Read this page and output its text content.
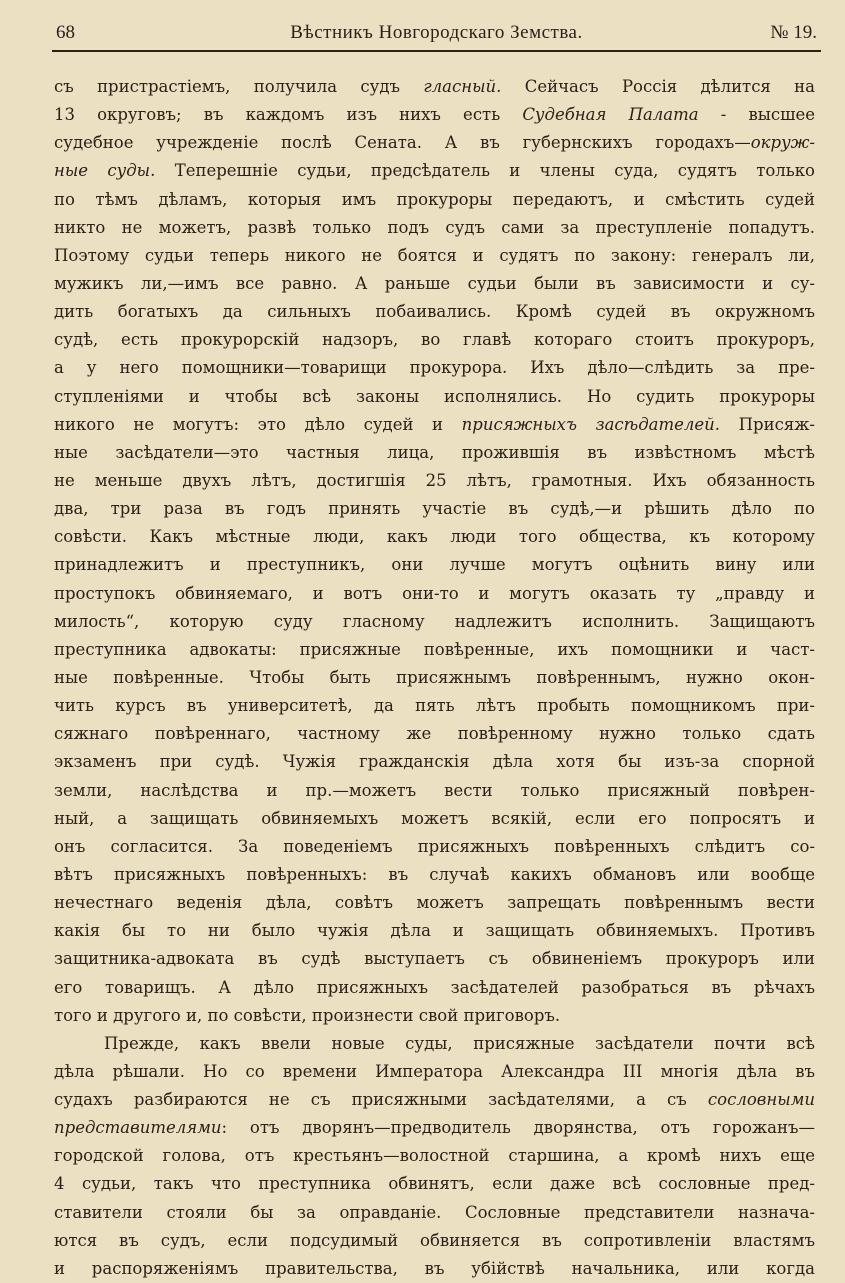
68	Вѣстникъ Новгородскаго Земства.	№ 19.
съ пристрастіемъ, получила судъ гласный. Сейчасъ Россія дѣлится на
13 округовъ; въ каждомъ изъ нихъ есть Судебная Палата - высшее
судебное учрежденіе послѣ Сената. А въ губернскихъ городахъ—окруж-
ные суды. Теперешніе судьи, предсѣдатель и члены суда, судятъ только
по тѣмъ дѣламъ, которыя имъ прокуроры передаютъ, и смѣстить судей
никто не можетъ, развѣ только подъ судъ сами за преступленіе попадутъ.
Поэтому судьи теперь никого не боятся и судятъ по закону: генералъ ли,
мужикъ ли,—имъ все равно. А раньше судьи были въ зависимости и су-
дить богатыхъ да сильныхъ побаивались. Кромѣ судей въ окружномъ
судѣ, есть прокурорскій надзоръ, во главѣ котораго стоитъ прокуроръ,
а у него помощники—товарищи прокурора. Ихъ дѣло—слѣдить за пре-
ступленіями и чтобы всѣ законы исполнялись. Но судить прокуроры
никого не могутъ: это дѣло судей и присяжныхъ засѣдателей. Присяж-
ные засѣдатели—это частныя лица, прожившія въ извѣстномъ мѣстѣ
не меньше двухъ лѣтъ, достигшія 25 лѣтъ, грамотныя. Ихъ обязанность
два, три раза въ годъ принять участіе въ судѣ,—и рѣшить дѣло по
совѣсти. Какъ мѣстные люди, какъ люди того общества, къ которому
принадлежитъ и преступникъ, они лучше могутъ оцѣнить вину или
проступокъ обвиняемаго, и вотъ они-то и могутъ оказать ту „правду и
милость“, которую суду гласному надлежитъ исполнить. Защищаютъ
преступника адвокаты: присяжные повѣренные, ихъ помощники и част-
ные повѣренные. Чтобы быть присяжнымъ повѣреннымъ, нужно окон-
чить курсъ въ университетѣ, да пять лѣтъ пробыть помощникомъ при-
сяжнаго повѣреннаго, частному же повѣренному нужно только сдать
экзаменъ при судѣ. Чужія гражданскія дѣла хотя бы изъ-за спорной
земли, наслѣдства и пр.—можетъ вести только присяжный повѣрен-
ный, а защищать обвиняемыхъ можетъ всякій, если его попросятъ и
онъ согласится. За поведеніемъ присяжныхъ повѣренныхъ слѣдитъ со-
вѣтъ присяжныхъ повѣренныхъ: въ случаѣ какихъ обмановъ или вообще
нечестнаго веденія дѣла, совѣтъ можетъ запрещать повѣреннымъ вести
какія бы то ни было чужія дѣла и защищать обвиняемыхъ. Противъ
защитника-адвоката въ судѣ выступаетъ съ обвиненіемъ прокуроръ или
его товарищъ. А дѣло присяжныхъ засѣдателей разобраться въ рѣчахъ
того и другого и, по совѣсти, произнести свой приговоръ.
Прежде, какъ ввели новые суды, присяжные засѣдатели почти всѣ
дѣла рѣшали. Но со времени Императора Александра III многія дѣла въ
судахъ разбираются не съ присяжными засѣдателями, а съ сословными
представителями: отъ дворянъ—предводитель дворянства, отъ горожанъ—
городской голова, отъ крестьянъ—волостной старшина, а кромѣ нихъ еще
4 судьи, такъ что преступника обвинятъ, если даже всѣ сословные пред-
ставители стояли бы за оправданіе. Сословные представители назнача-
ются въ судъ, если подсудимый обвиняется въ сопротивленіи властямъ
и распоряженіямъ правительства, въ убійствѣ начальника, или когда
